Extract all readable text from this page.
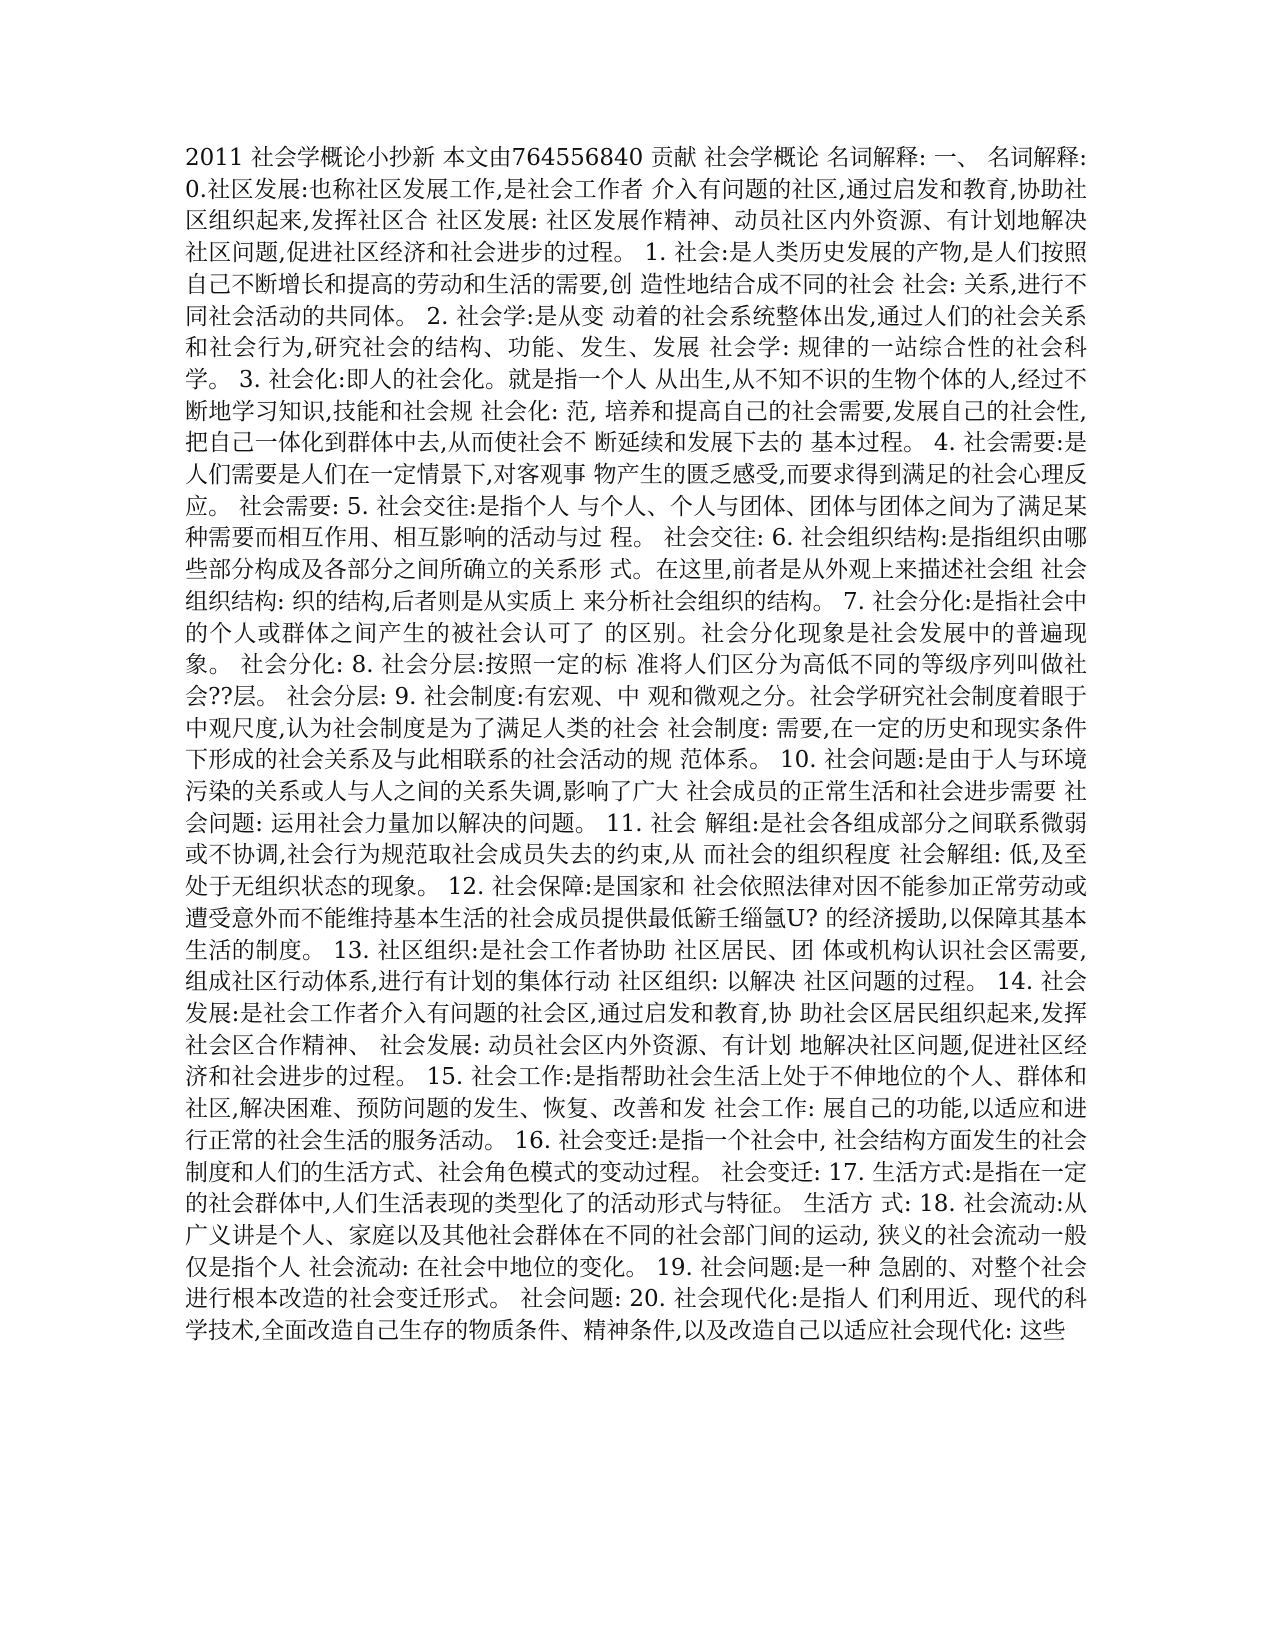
2011 社会学概论小抄新 本文由764556840 贡献 社会学概论 名词解释: 一、 名词解释: 0.社区发展:也称社区发展工作,是社会工作者 介入有问题的社区,通过启发和教育,协助社区组织起来,发挥社区合 社区发展: 社区发展作精神、动员社区内外资源、有计划地解决社区问题,促进社区经济和社会进步的过程。 1. 社会:是人类历史发展的产物,是人们按照自己不断增长和提高的劳动和生活的需要,创 造性地结合成不同的社会 社会: 关系,进行不同社会活动的共同体。 2. 社会学:是从变 动着的社会系统整体出发,通过人们的社会关系和社会行为,研究社会的结构、功能、发生、发展 社会学: 规律的一站综合性的社会科学。 3. 社会化:即人的社会化。就是指一个人 从出生,从不知不识的生物个体的人,经过不断地学习知识,技能和社会规 社会化: 范, 培养和提高自己的社会需要,发展自己的社会性,把自己一体化到群体中去,从而使社会不 断延续和发展下去的 基本过程。 4. 社会需要:是人们需要是人们在一定情景下,对客观事 物产生的匮乏感受,而要求得到满足的社会心理反应。 社会需要: 5. 社会交往:是指个人 与个人、个人与团体、团体与团体之间为了满足某种需要而相互作用、相互影响的活动与过 程。 社会交往: 6. 社会组织结构:是指组织由哪些部分构成及各部分之间所确立的关系形 式。在这里,前者是从外观上来描述社会组 社会组织结构: 织的结构,后者则是从实质上 来分析社会组织的结构。 7. 社会分化:是指社会中的个人或群体之间产生的被社会认可了 的区别。社会分化现象是社会发展中的普遍现象。 社会分化: 8. 社会分层:按照一定的标 准将人们区分为高低不同的等级序列叫做社会??层。 社会分层: 9. 社会制度:有宏观、中 观和微观之分。社会学研究社会制度着眼于中观尺度,认为社会制度是为了满足人类的社会 社会制度: 需要,在一定的历史和现实条件下形成的社会关系及与此相联系的社会活动的规 范体系。 10. 社会问题:是由于人与环境污染的关系或人与人之间的关系失调,影响了广大 社会成员的正常生活和社会进步需要 社会问题: 运用社会力量加以解决的问题。 11. 社会 解组:是社会各组成部分之间联系微弱或不协调,社会行为规范取社会成员失去的约束,从 而社会的组织程度 社会解组: 低,及至处于无组织状态的现象。 12. 社会保障:是国家和 社会依照法律对因不能参加正常劳动或遭受意外而不能维持基本生活的社会成员提供最低簖壬缁氬U? 的经济援助,以保障其基本生活的制度。 13. 社区组织:是社会工作者协助 社区居民、团 体或机构认识社会区需要,组成社区行动体系,进行有计划的集体行动 社区组织: 以解决 社区问题的过程。 14. 社会发展:是社会工作者介入有问题的社会区,通过启发和教育,协 助社会区居民组织起来,发挥社会区合作精神、 社会发展: 动员社会区内外资源、有计划 地解决社区问题,促进社区经济和社会进步的过程。 15. 社会工作:是指帮助社会生活上处于不伸地位的个人、群体和社区,解决困难、预防问题的发生、恢复、改善和发 社会工作: 展自己的功能,以适应和进行正常的社会生活的服务活动。 16. 社会变迁:是指一个社会中, 社会结构方面发生的社会制度和人们的生活方式、社会角色模式的变动过程。 社会变迁: 17. 生活方式:是指在一定的社会群体中,人们生活表现的类型化了的活动形式与特征。 生活方 式: 18. 社会流动:从广义讲是个人、家庭以及其他社会群体在不同的社会部门间的运动, 狭义的社会流动一般仅是指个人 社会流动: 在社会中地位的变化。 19. 社会问题:是一种 急剧的、对整个社会进行根本改造的社会变迁形式。 社会问题: 20. 社会现代化:是指人 们利用近、现代的科学技术,全面改造自己生存的物质条件、精神条件,以及改造自己以适应社会现代化: 这些
